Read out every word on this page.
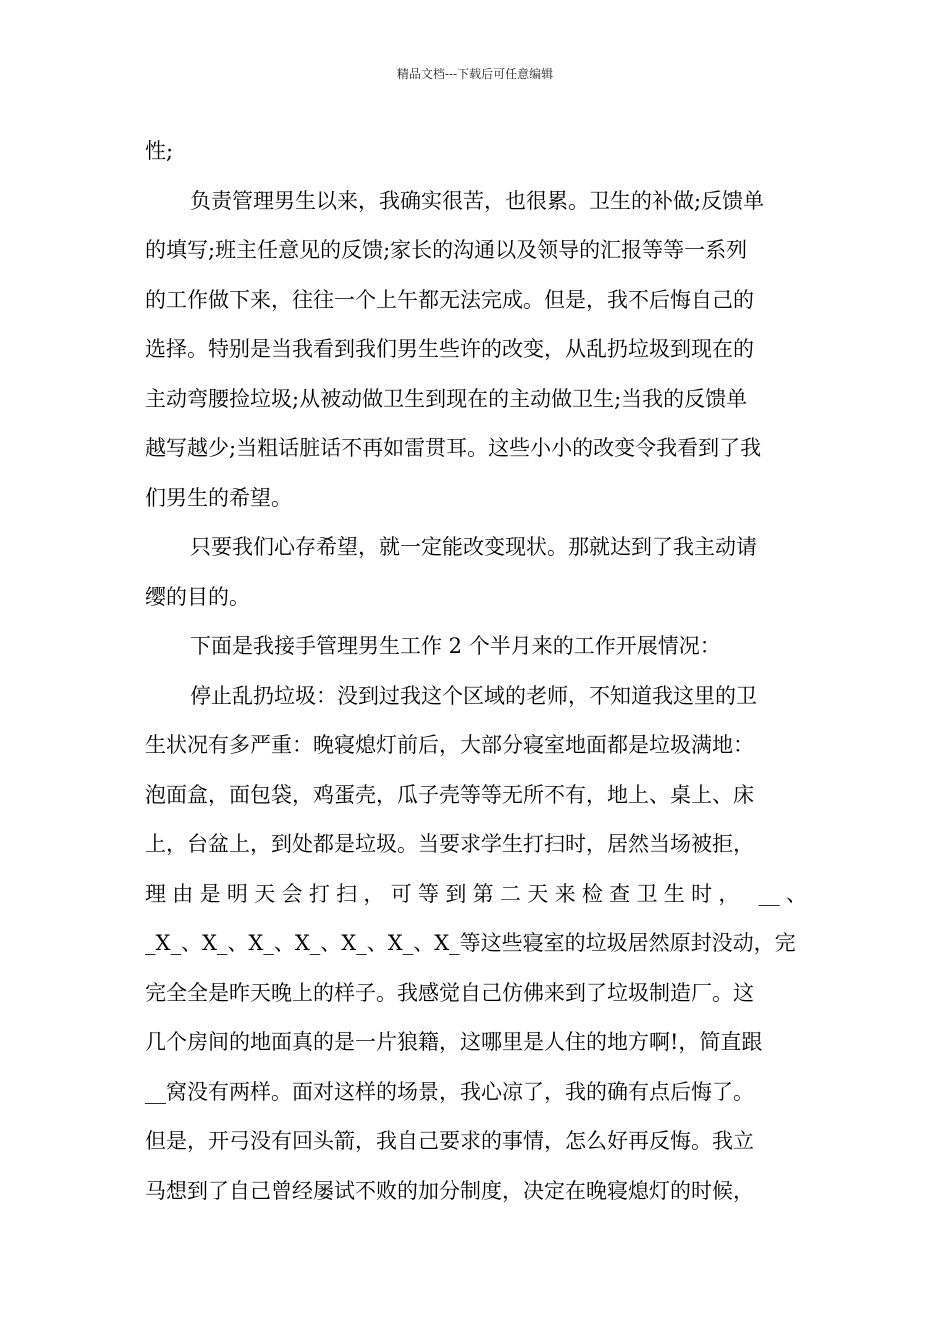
精品文档---下载后可任意编辑
性;
负责管理男生以来，我确实很苦，也很累。卫生的补做;反馈单
的填写;班主任意见的反馈;家长的沟通以及领导的汇报等等一系列
的工作做下来，往往一个上午都无法完成。但是，我不后悔自己的
选择。特别是当我看到我们男生些许的改变，从乱扔垃圾到现在的
主动弯腰捡垃圾;从被动做卫生到现在的主动做卫生;当我的反馈单
越写越少;当粗话脏话不再如雷贯耳。这些小小的改变令我看到了我
们男生的希望。
只要我们心存希望，就一定能改变现状。那就达到了我主动请
缨的目的。
下面是我接手管理男生工作 2 个半月来的工作开展情况：
停止乱扔垃圾：没到过我这个区域的老师，不知道我这里的卫
生状况有多严重：晚寝熄灯前后，大部分寝室地面都是垃圾满地：
泡面盒，面包袋，鸡蛋壳，瓜子壳等等无所不有，地上、桌上、床
上，台盆上，到处都是垃圾。当要求学生打扫时，居然当场被拒，
理由是明天会打扫，可等到第二天来检查卫生时， __、
_X_、X_、X_、X_、X_、X_、X_等这些寝室的垃圾居然原封没动，完
完全全是昨天晚上的样子。我感觉自己仿佛来到了垃圾制造厂。这
几个房间的地面真的是一片狼籍，这哪里是人住的地方啊!，简直跟
__窝没有两样。面对这样的场景，我心凉了，我的确有点后悔了。
但是，开弓没有回头箭，我自己要求的事情，怎么好再反悔。我立
马想到了自己曾经屡试不败的加分制度，决定在晚寝熄灯的时候，
